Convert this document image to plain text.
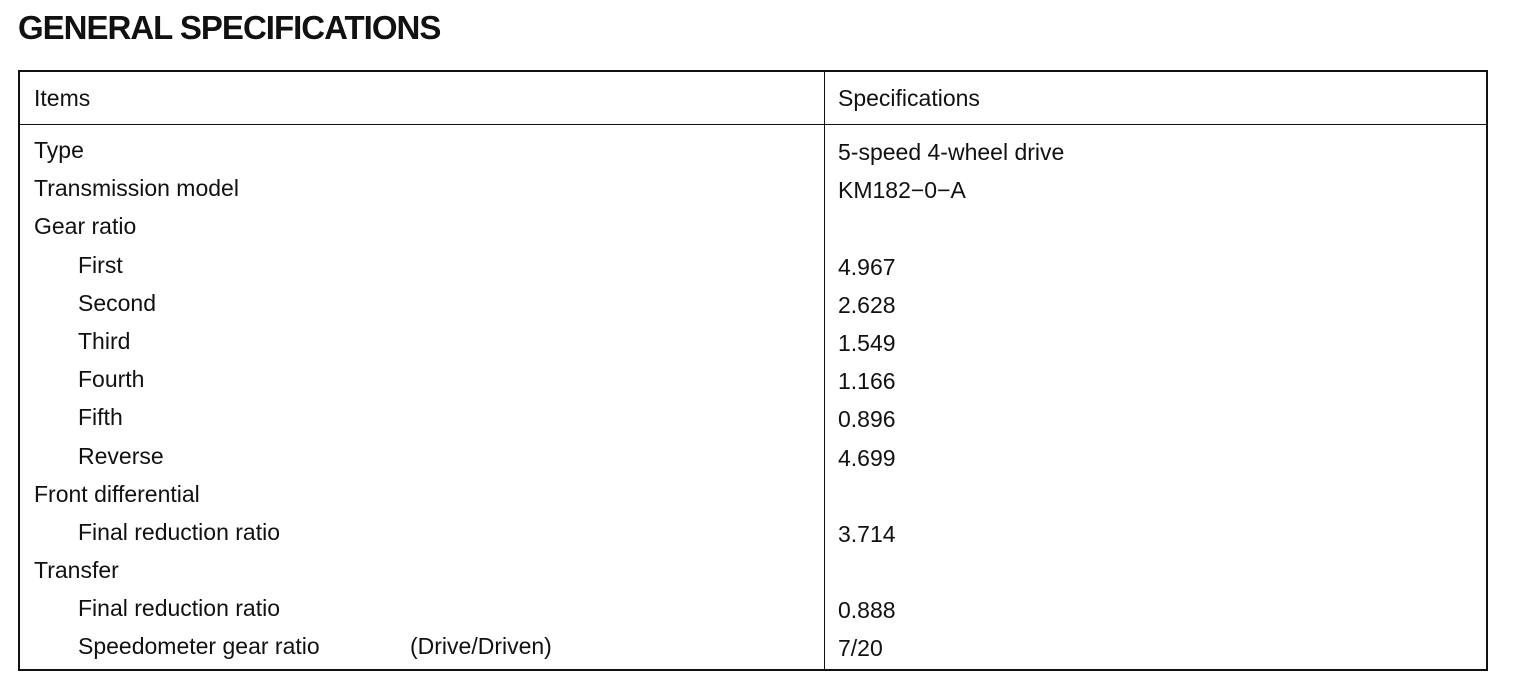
GENERAL SPECIFICATIONS
Items	Specifications
Type	5-speed 4-wheel drive
Transmission model	KM182−0−A
Gear ratio
First	4.967
Second	2.628
Third	1.549
Fourth	1.166
Fifth	0.896
Reverse	4.699
Front differential
Final reduction ratio	3.714
Transfer
Final reduction ratio	0.888
Speedometer gear ratio	(Drive/Driven)	7/20
